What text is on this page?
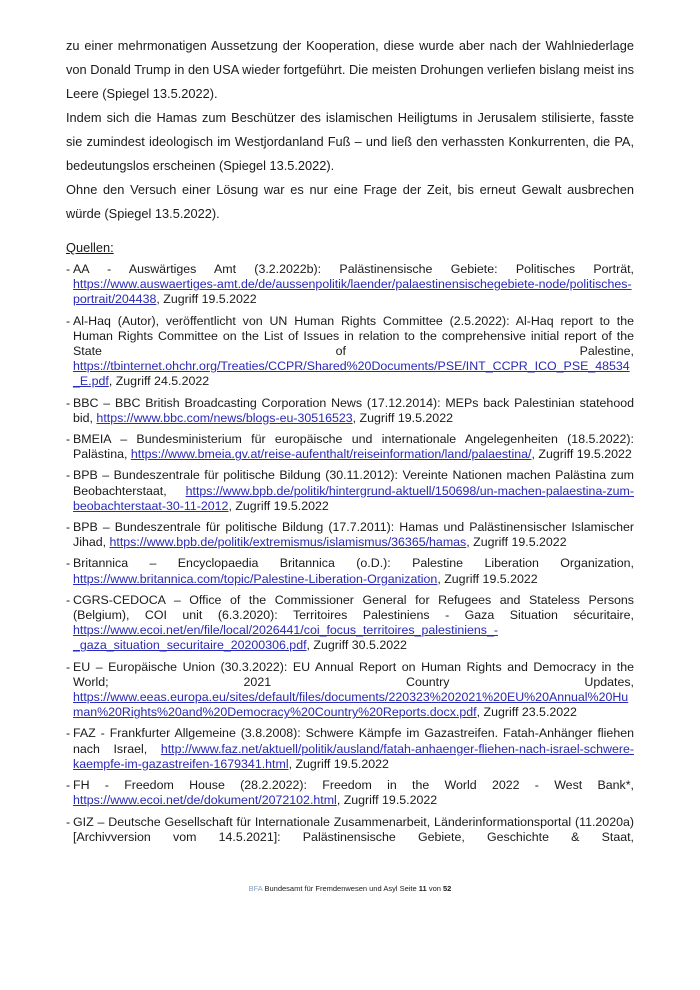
zu einer mehrmonatigen Aussetzung der Kooperation, diese wurde aber nach der Wahlniederlage von Donald Trump in den USA wieder fortgeführt. Die meisten Drohungen verliefen bislang meist ins Leere (Spiegel 13.5.2022).

Indem sich die Hamas zum Beschützer des islamischen Heiligtums in Jerusalem stilisierte, fasste sie zumindest ideologisch im Westjordanland Fuß – und ließ den verhassten Konkurrenten, die PA, bedeutungslos erscheinen (Spiegel 13.5.2022).

Ohne den Versuch einer Lösung war es nur eine Frage der Zeit, bis erneut Gewalt ausbrechen würde (Spiegel 13.5.2022).

Quellen:
- AA - Auswärtiges Amt (3.2.2022b): Palästinensische Gebiete: Politisches Porträt, https://www.auswaertiges-amt.de/de/aussenpolitik/laender/palaestinensischegebiete-node/politisches-portrait/204438, Zugriff 19.5.2022
- Al-Haq (Autor), veröffentlicht von UN Human Rights Committee (2.5.2022): Al-Haq report to the Human Rights Committee on the List of Issues in relation to the comprehensive initial report of the State of Palestine, https://tbinternet.ohchr.org/Treaties/CCPR/Shared%20Documents/PSE/INT_CCPR_ICO_PSE_48534_E.pdf, Zugriff 24.5.2022
- BBC – BBC British Broadcasting Corporation News (17.12.2014): MEPs back Palestinian statehood bid, https://www.bbc.com/news/blogs-eu-30516523, Zugriff 19.5.2022
- BMEIA – Bundesministerium für europäische und internationale Angelegenheiten (18.5.2022): Palästina, https://www.bmeia.gv.at/reise-aufenthalt/reiseinformation/land/palaestina/, Zugriff 19.5.2022
- BPB – Bundeszentrale für politische Bildung (30.11.2012): Vereinte Nationen machen Palästina zum Beobachterstaat, https://www.bpb.de/politik/hintergrund-aktuell/150698/un-machen-palaestina-zum-beobachterstaat-30-11-2012, Zugriff 19.5.2022
- BPB – Bundeszentrale für politische Bildung (17.7.2011): Hamas und Palästinensischer Islamischer Jihad, https://www.bpb.de/politik/extremismus/islamismus/36365/hamas, Zugriff 19.5.2022
- Britannica – Encyclopaedia Britannica (o.D.): Palestine Liberation Organization, https://www.britannica.com/topic/Palestine-Liberation-Organization, Zugriff 19.5.2022
- CGRS-CEDOCA – Office of the Commissioner General for Refugees and Stateless Persons (Belgium), COI unit (6.3.2020): Territoires Palestiniens - Gaza Situation sécuritaire, https://www.ecoi.net/en/file/local/2026441/coi_focus_territoires_palestiniens_-_gaza_situation_securitaire_20200306.pdf, Zugriff 30.5.2022
- EU – Europäische Union (30.3.2022): EU Annual Report on Human Rights and Democracy in the World; 2021 Country Updates, https://www.eeas.europa.eu/sites/default/files/documents/220323%202021%20EU%20Annual%20Human%20Rights%20and%20Democracy%20Country%20Reports.docx.pdf, Zugriff 23.5.2022
- FAZ - Frankfurter Allgemeine (3.8.2008): Schwere Kämpfe im Gazastreifen. Fatah-Anhänger fliehen nach Israel, http://www.faz.net/aktuell/politik/ausland/fatah-anhaenger-fliehen-nach-israel-schwere-kaempfe-im-gazastreifen-1679341.html, Zugriff 19.5.2022
- FH - Freedom House (28.2.2022): Freedom in the World 2022 - West Bank*, https://www.ecoi.net/de/dokument/2072102.html, Zugriff 19.5.2022
- GIZ – Deutsche Gesellschaft für Internationale Zusammenarbeit, Länderinformationsportal (11.2020a) [Archivversion vom 14.5.2021]: Palästinensische Gebiete, Geschichte & Staat,
BFA Bundesamt für Fremdenwesen und Asyl Seite 11 von 52
